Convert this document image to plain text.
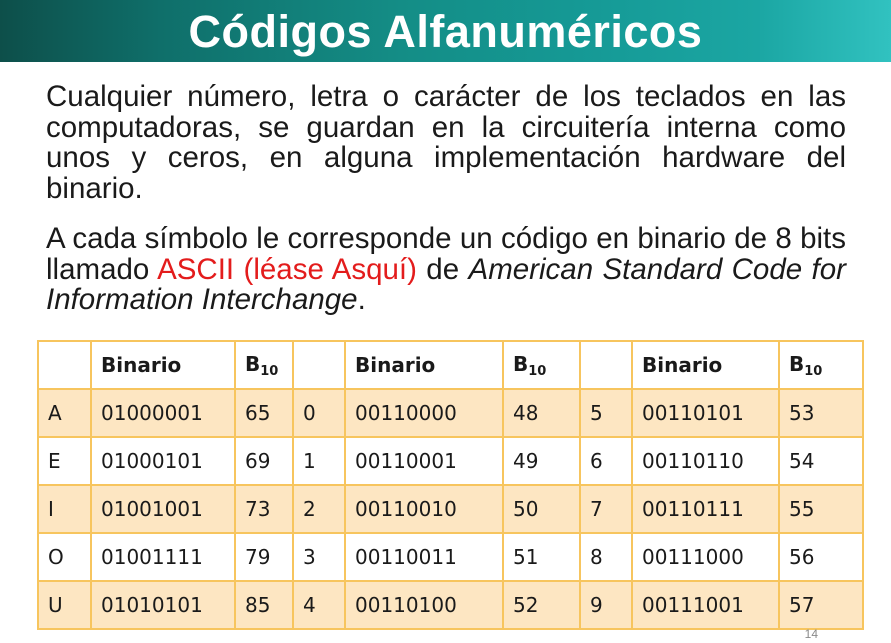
Códigos Alfanuméricos

Cualquier número, letra o carácter de los teclados en las computadoras, se guardan en la circuitería interna como unos y ceros, en alguna implementación hardware del binario.

A cada símbolo le corresponde un código en binario de 8 bits llamado ASCII (léase Asquí) de American Standard Code for Information Interchange.

	Binario	$B_{10}$		Binario	$B_{10}$		Binario	$B_{10}$
A	01000001	65	0	00110000	48	5	00110101	53
E	01000101	69	1	00110001	49	6	00110110	54
I	01001001	73	2	00110010	50	7	00110111	55
O	01001111	79	3	00110011	51	8	00111000	56
U	01010101	85	4	00110100	52	9	00111001	57
14
